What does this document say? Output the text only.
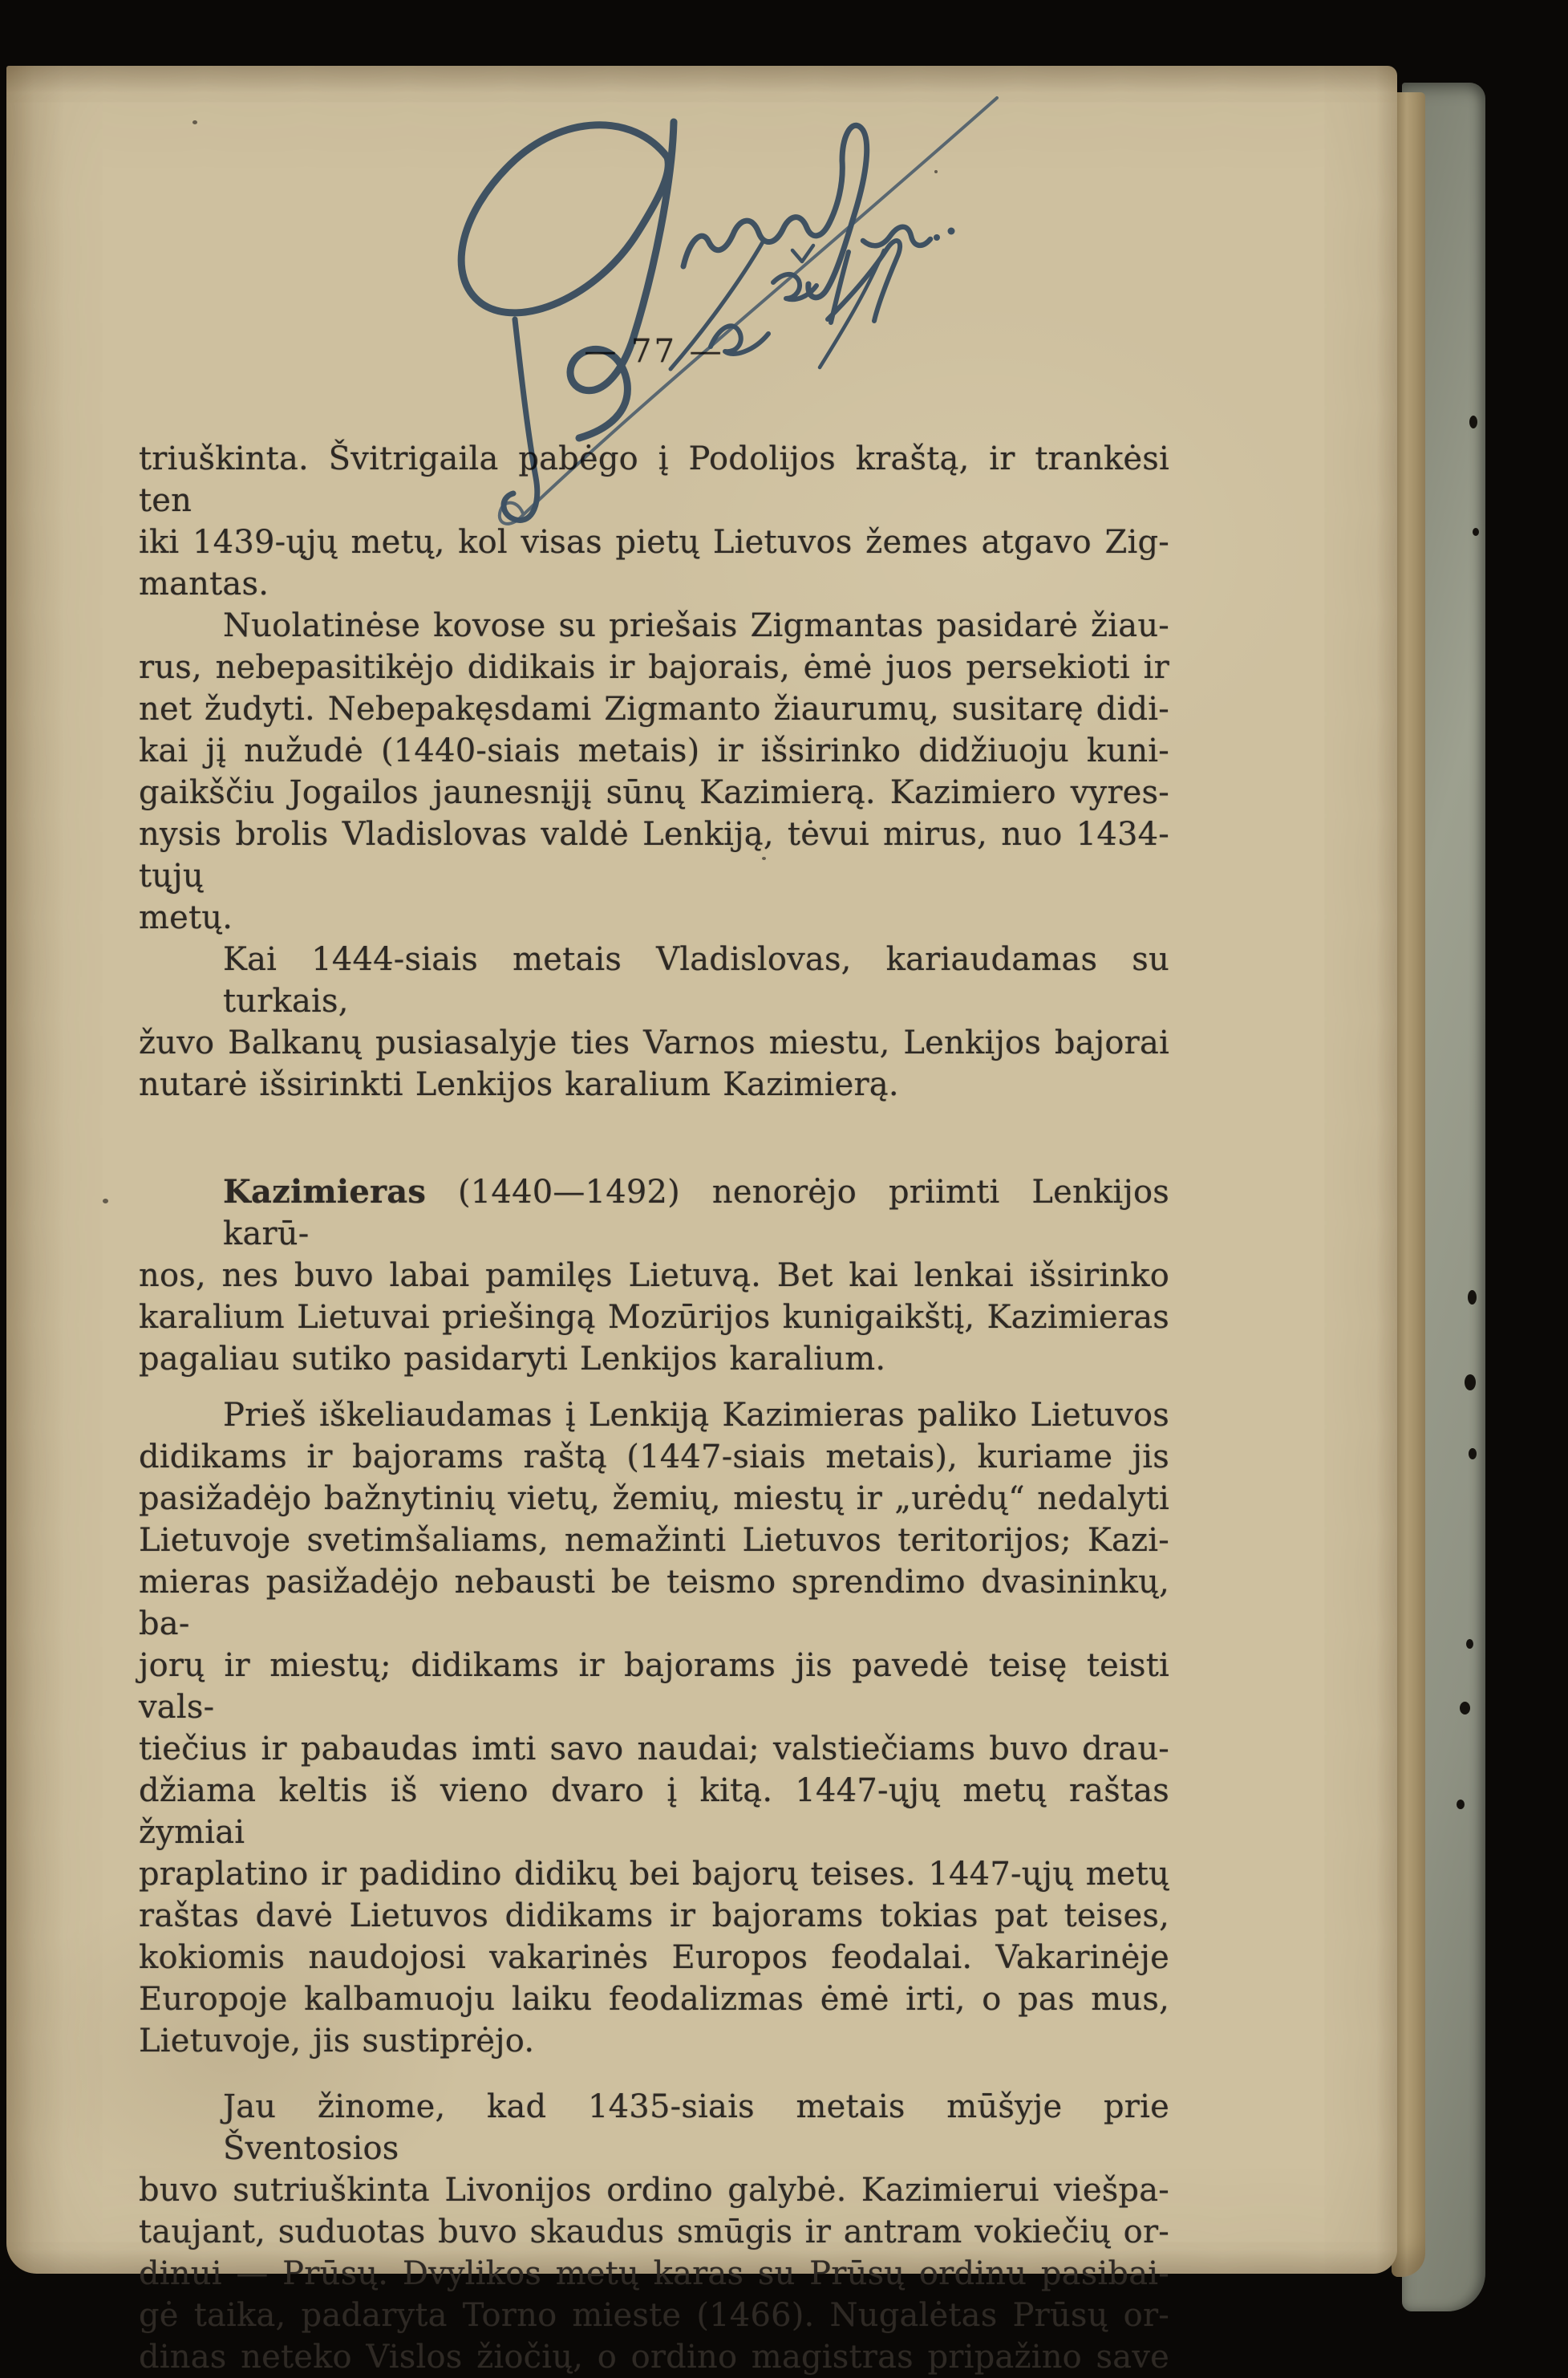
— 77 —
triuškinta. Švitrigaila pabėgo į Podolijos kraštą, ir trankėsi ten
iki 1439-ųjų metų, kol visas pietų Lietuvos žemes atgavo Zig-
mantas.
Nuolatinėse kovose su priešais Zigmantas pasidarė žiau-
rus, nebepasitikėjo didikais ir bajorais, ėmė juos persekioti ir
net žudyti. Nebepakęsdami Zigmanto žiaurumų, susitarę didi-
kai jį nužudė (1440-siais metais) ir išsirinko didžiuoju kuni-
gaikščiu Jogailos jaunesnįjį sūnų Kazimierą. Kazimiero vyres-
nysis brolis Vladislovas valdė Lenkiją, tėvui mirus, nuo 1434-tųjų
metų.
Kai 1444-siais metais Vladislovas, kariaudamas su turkais,
žuvo Balkanų pusiasalyje ties Varnos miestu, Lenkijos bajorai
nutarė išsirinkti Lenkijos karalium Kazimierą.
Kazimieras (1440—1492) nenorėjo priimti Lenkijos karū-
nos, nes buvo labai pamilęs Lietuvą. Bet kai lenkai išsirinko
karalium Lietuvai priešingą Mozūrijos kunigaikštį, Kazimieras
pagaliau sutiko pasidaryti Lenkijos karalium.
Prieš iškeliaudamas į Lenkiją Kazimieras paliko Lietuvos
didikams ir bajorams raštą (1447-siais metais), kuriame jis
pasižadėjo bažnytinių vietų, žemių, miestų ir „urėdų“ nedalyti
Lietuvoje svetimšaliams, nemažinti Lietuvos teritorijos; Kazi-
mieras pasižadėjo nebausti be teismo sprendimo dvasininkų, ba-
jorų ir miestų; didikams ir bajorams jis pavedė teisę teisti vals-
tiečius ir pabaudas imti savo naudai; valstiečiams buvo drau-
džiama keltis iš vieno dvaro į kitą. 1447-ųjų metų raštas žymiai
praplatino ir padidino didikų bei bajorų teises. 1447-ųjų metų
raštas davė Lietuvos didikams ir bajorams tokias pat teises,
kokiomis naudojosi vakarinės Europos feodalai. Vakarinėje
Europoje kalbamuoju laiku feodalizmas ėmė irti, o pas mus,
Lietuvoje, jis sustiprėjo.
Jau žinome, kad 1435-siais metais mūšyje prie Šventosios
buvo sutriuškinta Livonijos ordino galybė. Kazimierui viešpa-
taujant, suduotas buvo skaudus smūgis ir antram vokiečių or-
dinui — Prūsų. Dvylikos metų karas su Prūsų ordinu pasibai-
gė taika, padaryta Torno mieste (1466). Nugalėtas Prūsų or-
dinas neteko Vislos žiočių, o ordino magistras pripažino save
